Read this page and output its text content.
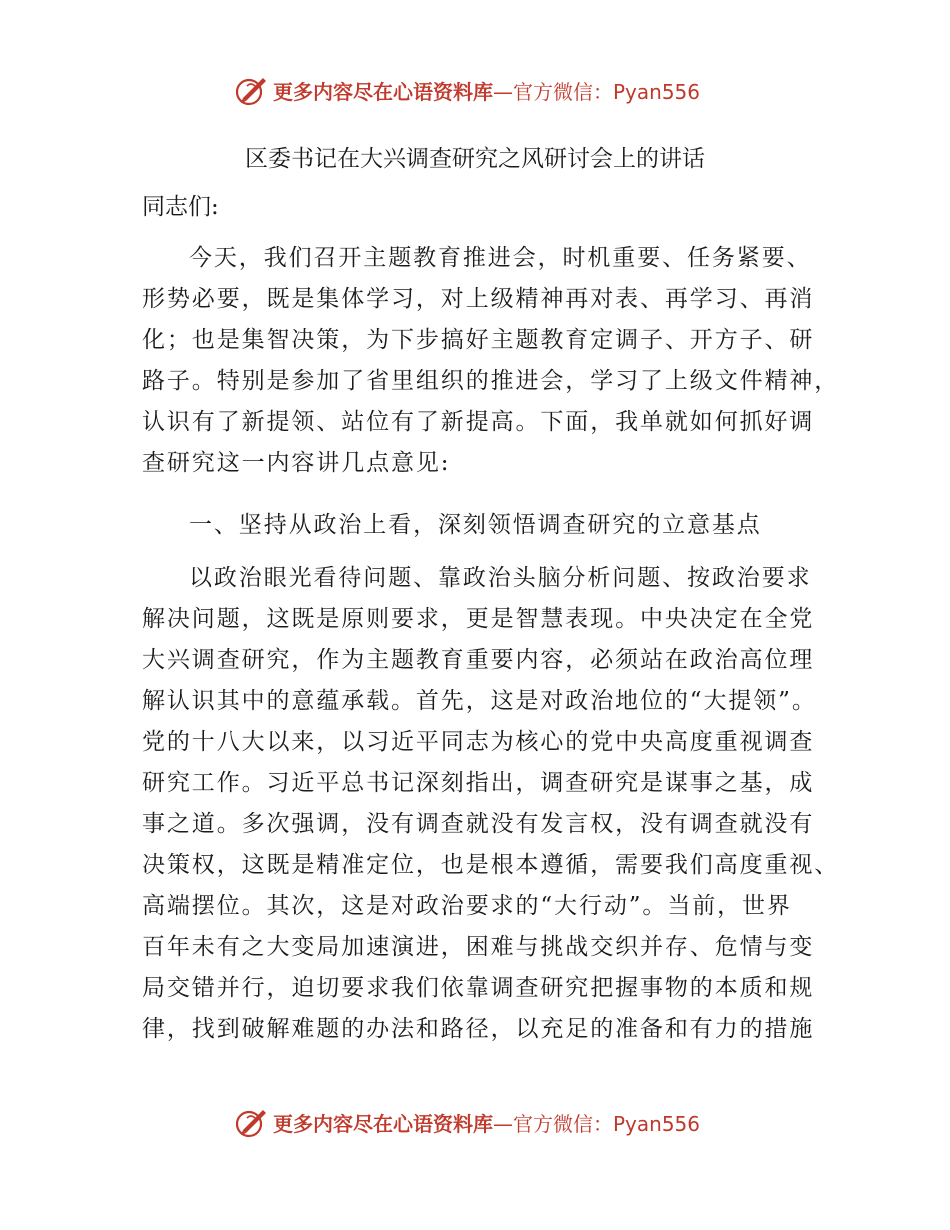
更多内容尽在心语资料库—官方微信：Pyan556
区委书记在大兴调查研究之风研讨会上的讲话
同志们:
今天，我们召开主题教育推进会，时机重要、任务紧要、
形势必要，既是集体学习，对上级精神再对表、再学习、再消
化；也是集智决策，为下步搞好主题教育定调子、开方子、研
路子。特别是参加了省里组织的推进会，学习了上级文件精神，
认识有了新提领、站位有了新提高。下面，我单就如何抓好调
查研究这一内容讲几点意见:
一、坚持从政治上看，深刻领悟调查研究的立意基点
以政治眼光看待问题、靠政治头脑分析问题、按政治要求
解决问题，这既是原则要求，更是智慧表现。中央决定在全党
大兴调查研究，作为主题教育重要内容，必须站在政治高位理
解认识其中的意蕴承载。首先，这是对政治地位的“大提领”。
党的十八大以来，以习近平同志为核心的党中央高度重视调查
研究工作。习近平总书记深刻指出，调查研究是谋事之基，成
事之道。多次强调，没有调查就没有发言权，没有调查就没有
决策权，这既是精准定位，也是根本遵循，需要我们高度重视、
高端摆位。其次，这是对政治要求的“大行动”。当前，世界
百年未有之大变局加速演进，困难与挑战交织并存、危情与变
局交错并行，迫切要求我们依靠调查研究把握事物的本质和规
律，找到破解难题的办法和路径，以充足的准备和有力的措施
更多内容尽在心语资料库—官方微信：Pyan556
